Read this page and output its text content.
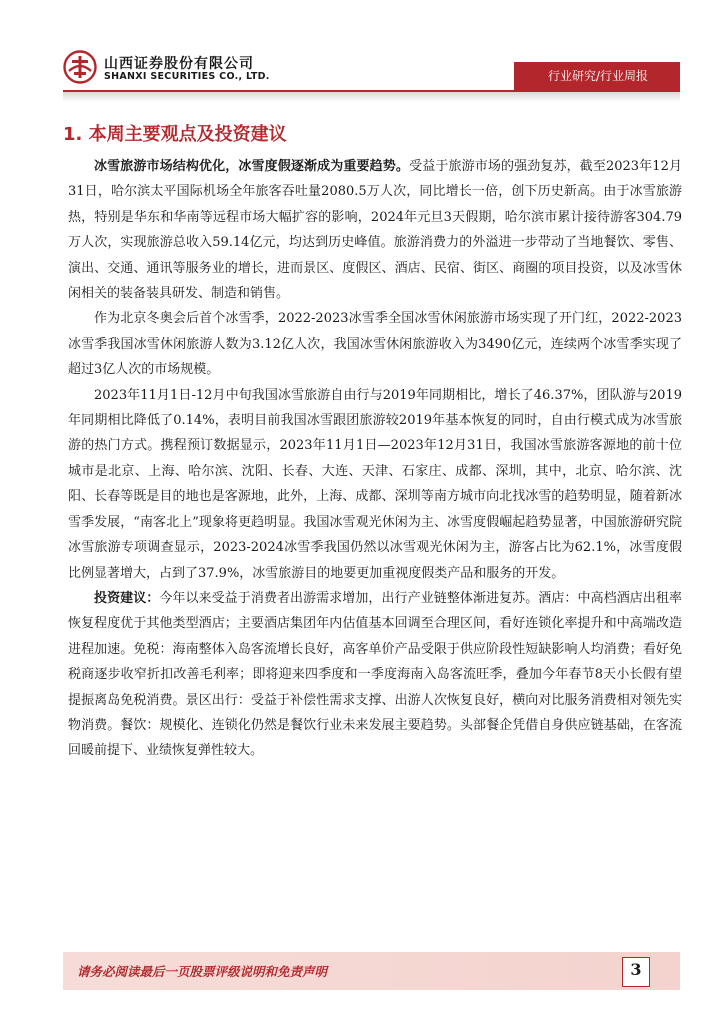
山西证券股份有限公司
SHANXI SECURITIES CO., LTD.	行业研究/行业周报
1. 本周主要观点及投资建议

冰雪旅游市场结构优化，冰雪度假逐渐成为重要趋势。受益于旅游市场的强劲复苏，截至2023年12月31日，哈尔滨太平国际机场全年旅客吞吐量2080.5万人次，同比增长一倍，创下历史新高。由于冰雪旅游热，特别是华东和华南等远程市场大幅扩容的影响，2024年元旦3天假期，哈尔滨市累计接待游客304.79万人次，实现旅游总收入59.14亿元，均达到历史峰值。旅游消费力的外溢进一步带动了当地餐饮、零售、演出、交通、通讯等服务业的增长，进而景区、度假区、酒店、民宿、街区、商圈的项目投资，以及冰雪休闲相关的装备装具研发、制造和销售。

作为北京冬奥会后首个冰雪季，2022-2023冰雪季全国冰雪休闲旅游市场实现了开门红，2022-2023冰雪季我国冰雪休闲旅游人数为3.12亿人次，我国冰雪休闲旅游收入为3490亿元，连续两个冰雪季实现了超过3亿人次的市场规模。

2023年11月1日-12月中旬我国冰雪旅游自由行与2019年同期相比，增长了46.37%，团队游与2019年同期相比降低了0.14%，表明目前我国冰雪跟团旅游较2019年基本恢复的同时，自由行模式成为冰雪旅游的热门方式。携程预订数据显示，2023年11月1日—2023年12月31日，我国冰雪旅游客源地的前十位城市是北京、上海、哈尔滨、沈阳、长春、大连、天津、石家庄、成都、深圳，其中，北京、哈尔滨、沈阳、长春等既是目的地也是客源地，此外，上海、成都、深圳等南方城市向北找冰雪的趋势明显，随着新冰雪季发展，“南客北上”现象将更趋明显。我国冰雪观光休闲为主、冰雪度假崛起趋势显著，中国旅游研究院冰雪旅游专项调查显示，2023-2024冰雪季我国仍然以冰雪观光休闲为主，游客占比为62.1%，冰雪度假比例显著增大，占到了37.9%，冰雪旅游目的地要更加重视度假类产品和服务的开发。

投资建议：今年以来受益于消费者出游需求增加，出行产业链整体渐进复苏。酒店：中高档酒店出租率恢复程度优于其他类型酒店；主要酒店集团年内估值基本回调至合理区间，看好连锁化率提升和中高端改造进程加速。免税：海南整体入岛客流增长良好，高客单价产品受限于供应阶段性短缺影响人均消费；看好免税商逐步收窄折扣改善毛利率；即将迎来四季度和一季度海南入岛客流旺季，叠加今年春节8天小长假有望提振离岛免税消费。景区出行：受益于补偿性需求支撑、出游人次恢复良好，横向对比服务消费相对领先实物消费。餐饮：规模化、连锁化仍然是餐饮行业未来发展主要趋势。头部餐企凭借自身供应链基础，在客流回暖前提下、业绩恢复弹性较大。

请务必阅读最后一页股票评级说明和免责声明	3
